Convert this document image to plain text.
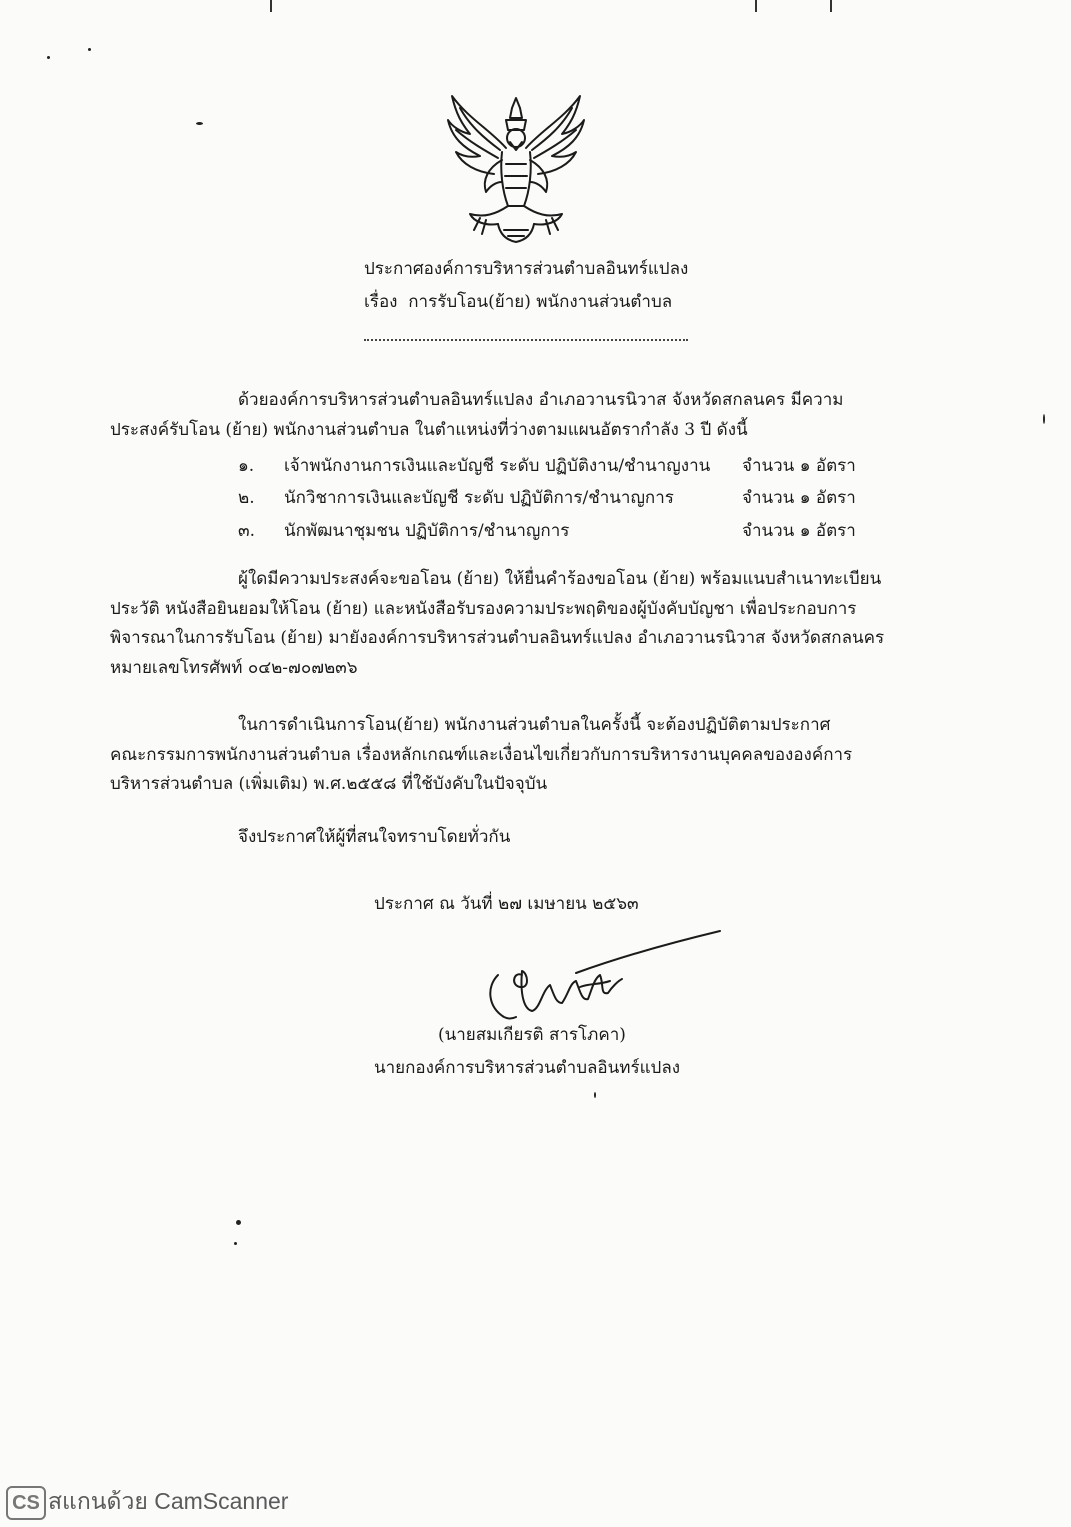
ประกาศองค์การบริหารส่วนตำบลอินทร์แปลง
เรื่อง การรับโอน(ย้าย) พนักงานส่วนตำบล
ด้วยองค์การบริหารส่วนตำบลอินทร์แปลง อำเภอวานรนิวาส จังหวัดสกลนคร มีความ
ประสงค์รับโอน (ย้าย) พนักงานส่วนตำบล ในตำแหน่งที่ว่างตามแผนอัตรากำลัง 3 ปี ดังนี้
๑. เจ้าพนักงานการเงินและบัญชี ระดับ ปฏิบัติงาน/ชำนาญงาน จำนวน ๑ อัตรา
๒. นักวิชาการเงินและบัญชี ระดับ ปฏิบัติการ/ชำนาญการ	จำนวน ๑ อัตรา
๓. นักพัฒนาชุมชน ปฏิบัติการ/ชำนาญการ	จำนวน ๑ อัตรา
ผู้ใดมีความประสงค์จะขอโอน (ย้าย) ให้ยื่นคำร้องขอโอน (ย้าย) พร้อมแนบสำเนาทะเบียน
ประวัติ หนังสือยินยอมให้โอน (ย้าย) และหนังสือรับรองความประพฤติของผู้บังคับบัญชา เพื่อประกอบการ
พิจารณาในการรับโอน (ย้าย) มายังองค์การบริหารส่วนตำบลอินทร์แปลง อำเภอวานรนิวาส จังหวัดสกลนคร
หมายเลขโทรศัพท์ ๐๔๒-๗๐๗๒๓๖
ในการดำเนินการโอน(ย้าย) พนักงานส่วนตำบลในครั้งนี้ จะต้องปฏิบัติตามประกาศ
คณะกรรมการพนักงานส่วนตำบล เรื่องหลักเกณฑ์และเงื่อนไขเกี่ยวกับการบริหารงานบุคคลขององค์การ
บริหารส่วนตำบล (เพิ่มเติม) พ.ศ.๒๕๕๘ ที่ใช้บังคับในปัจจุบัน
จึงประกาศให้ผู้ที่สนใจทราบโดยทั่วกัน
ประกาศ ณ วันที่ ๒๗ เมษายน ๒๕๖๓
(นายสมเกียรติ สารโภคา)
นายกองค์การบริหารส่วนตำบลอินทร์แปลง
CS สแกนด้วย CamScanner
